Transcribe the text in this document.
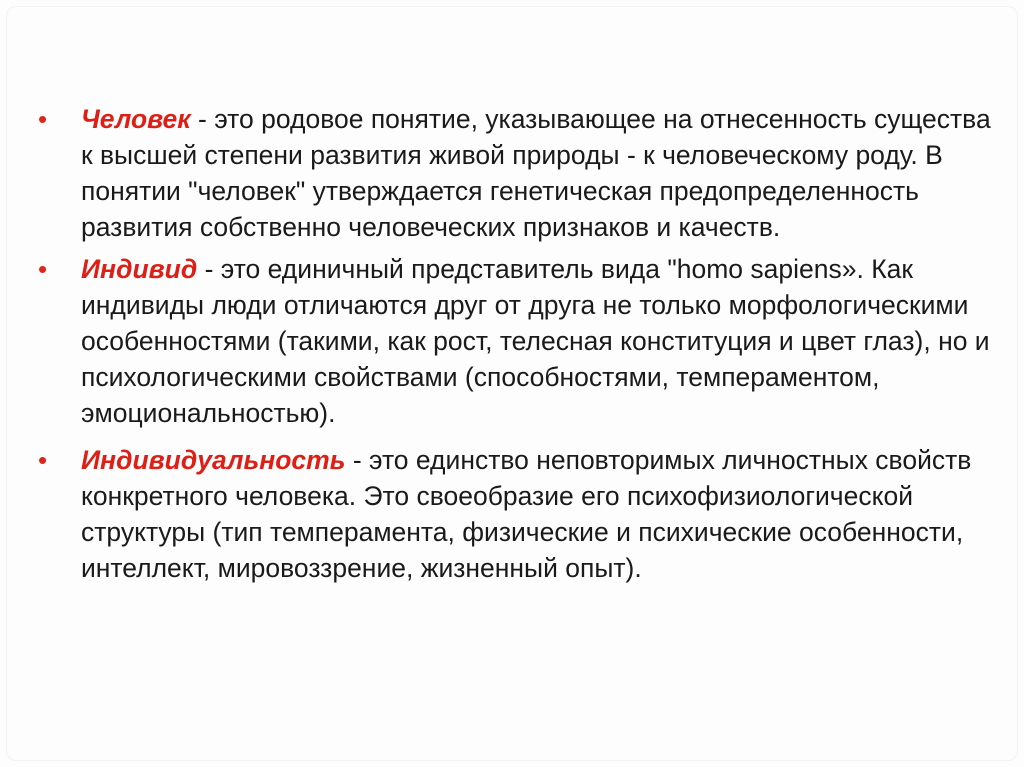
• Человек - это родовое понятие, указывающее на отнесенность существа к высшей степени развития живой природы - к человеческому роду. В понятии "человек" утверждается генетическая предопределенность развития собственно человеческих признаков и качеств.
• Индивид - это единичный представитель вида "homo sapiens». Как индивиды люди отличаются друг от друга не только морфологическими особенностями (такими, как рост, телесная конституция и цвет глаз), но и психологическими свойствами (способностями, темпераментом, эмоциональностью).
• Индивидуальность - это единство неповторимых личностных свойств конкретного человека. Это своеобразие его психофизиологической структуры (тип темперамента, физические и психические особенности, интеллект, мировоззрение, жизненный опыт).
